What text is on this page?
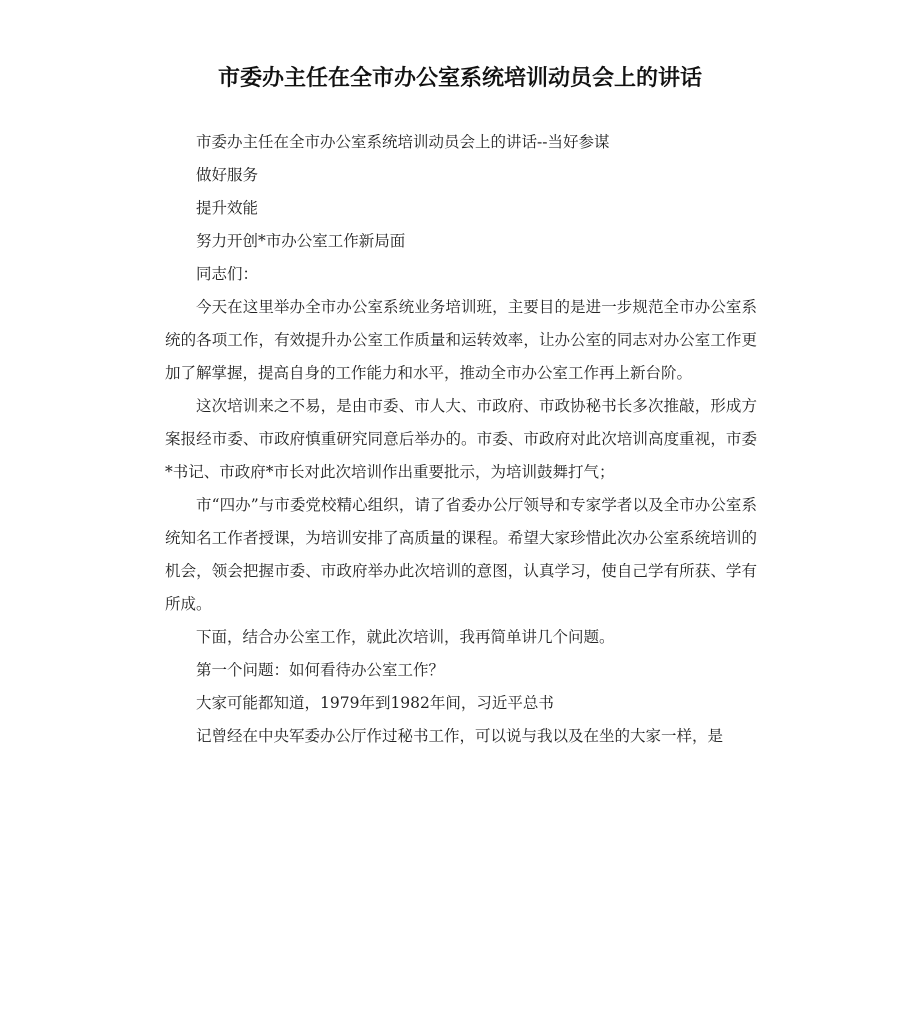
市委办主任在全市办公室系统培训动员会上的讲话

市委办主任在全市办公室系统培训动员会上的讲话--当好参谋

做好服务

提升效能

努力开创*市办公室工作新局面

同志们：

今天在这里举办全市办公室系统业务培训班，主要目的是进一步规范全市办公室系统的各项工作，有效提升办公室工作质量和运转效率，让办公室的同志对办公室工作更加了解掌握，提高自身的工作能力和水平，推动全市办公室工作再上新台阶。

这次培训来之不易，是由市委、市人大、市政府、市政协秘书长多次推敲，形成方案报经市委、市政府慎重研究同意后举办的。市委、市政府对此次培训高度重视，市委*书记、市政府*市长对此次培训作出重要批示，为培训鼓舞打气；

市“四办”与市委党校精心组织，请了省委办公厅领导和专家学者以及全市办公室系统知名工作者授课，为培训安排了高质量的课程。希望大家珍惜此次办公室系统培训的机会，领会把握市委、市政府举办此次培训的意图，认真学习，使自己学有所获、学有所成。

下面，结合办公室工作，就此次培训，我再简单讲几个问题。

第一个问题：如何看待办公室工作？

大家可能都知道，1979年到1982年间，习近平总书

记曾经在中央军委办公厅作过秘书工作，可以说与我以及在坐的大家一样，是
